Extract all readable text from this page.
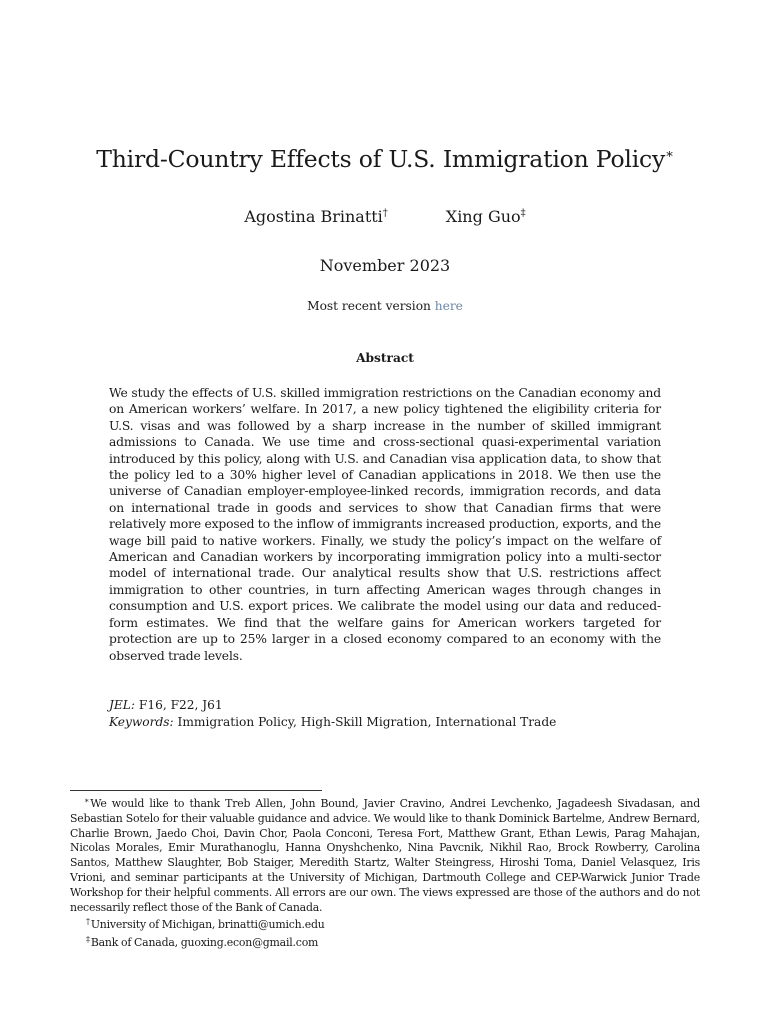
Third-Country Effects of U.S. Immigration Policy∗
Agostina Brinatti†	Xing Guo‡
November 2023
Most recent version here
Abstract
We study the effects of U.S. skilled immigration restrictions on the Canadian economy and on American workers’ welfare. In 2017, a new policy tightened the eligibility criteria for U.S. visas and was followed by a sharp increase in the number of skilled immigrant admissions to Canada. We use time and cross-sectional quasi-experimental variation introduced by this policy, along with U.S. and Canadian visa application data, to show that the policy led to a 30% higher level of Canadian applications in 2018. We then use the universe of Canadian employer-employee-linked records, immigration records, and data on international trade in goods and services to show that Canadian firms that were relatively more exposed to the inflow of immigrants increased production, exports, and the wage bill paid to native workers. Finally, we study the policy’s impact on the welfare of American and Canadian workers by incorporating immigration policy into a multi-sector model of international trade. Our analytical results show that U.S. restrictions affect immigration to other countries, in turn affecting American wages through changes in consumption and U.S. export prices. We calibrate the model using our data and reduced-form estimates. We find that the welfare gains for American workers targeted for protection are up to 25% larger in a closed economy compared to an economy with the observed trade levels.
JEL: F16, F22, J61
Keywords: Immigration Policy, High-Skill Migration, International Trade
∗We would like to thank Treb Allen, John Bound, Javier Cravino, Andrei Levchenko, Jagadeesh Sivadasan, and Sebastian Sotelo for their valuable guidance and advice. We would like to thank Dominick Bartelme, Andrew Bernard, Charlie Brown, Jaedo Choi, Davin Chor, Paola Conconi, Teresa Fort, Matthew Grant, Ethan Lewis, Parag Mahajan, Nicolas Morales, Emir Murathanoglu, Hanna Onyshchenko, Nina Pavcnik, Nikhil Rao, Brock Rowberry, Carolina Santos, Matthew Slaughter, Bob Staiger, Meredith Startz, Walter Steingress, Hiroshi Toma, Daniel Velasquez, Iris Vrioni, and seminar participants at the University of Michigan, Dartmouth College and CEP-Warwick Junior Trade Workshop for their helpful comments. All errors are our own. The views expressed are those of the authors and do not necessarily reflect those of the Bank of Canada.
†University of Michigan, brinatti@umich.edu
‡Bank of Canada, guoxing.econ@gmail.com
